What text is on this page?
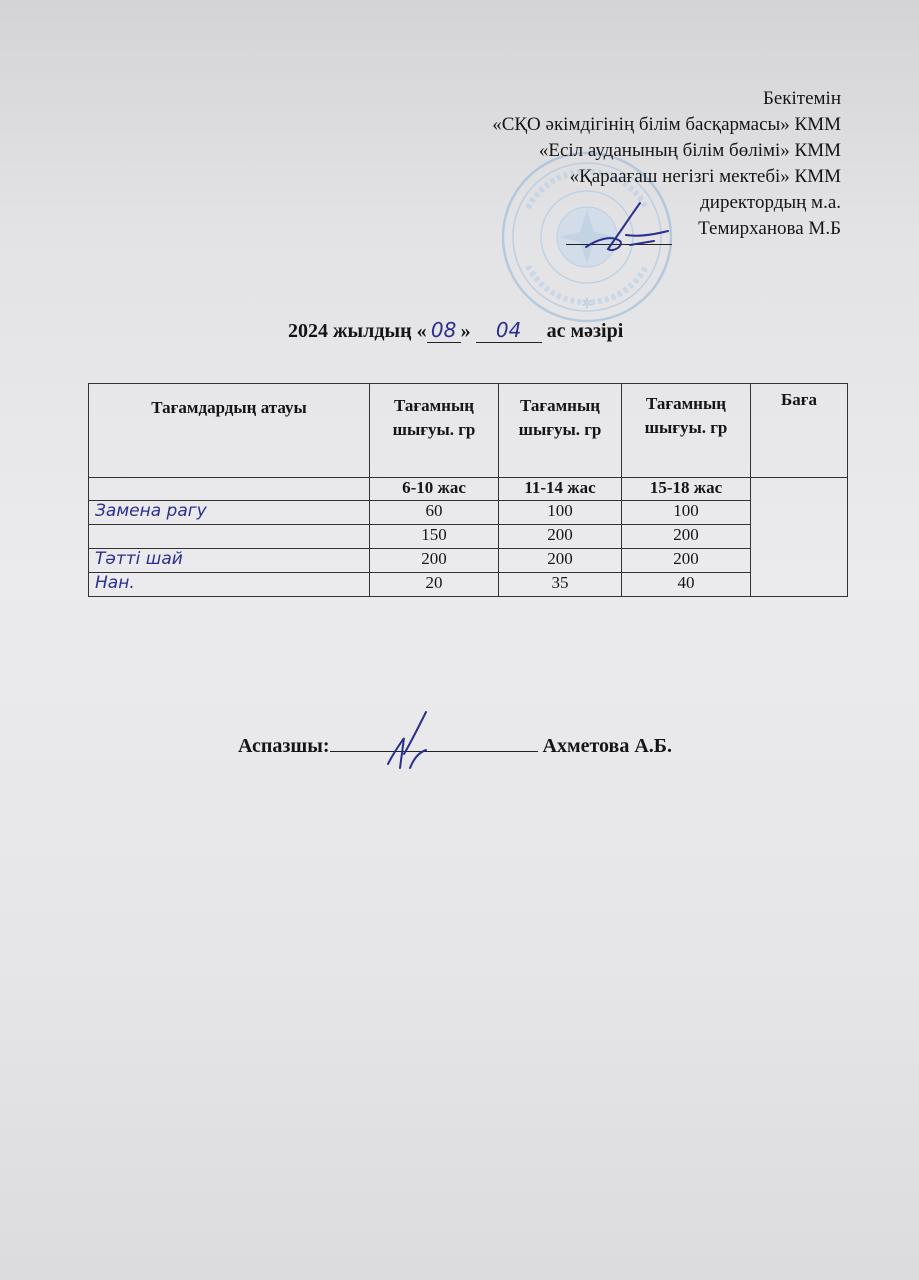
✲
Бекітемін
«СҚО әкімдігінің білім басқармасы» КММ
«Есіл ауданының білім бөлімі» КММ
«Қараағаш негізгі мектебі» КММ
директордың м.а.
Темирханова М.Б
2024 жылдың « 08 » 04 ас мәзірі
Тағамдардың атауы	Тағамның шығуы. гр	Тағамның шығуы. гр	Тағамның шығуы. гр	Баға
	6-10 жас	11-14 жас	15-18 жас	
Замена рагу	60	100	100	
	150	200	200	
Тәтті шай	200	200	200	
Нан.	20	35	40	
Аспазшы:	Ахметова А.Б.
